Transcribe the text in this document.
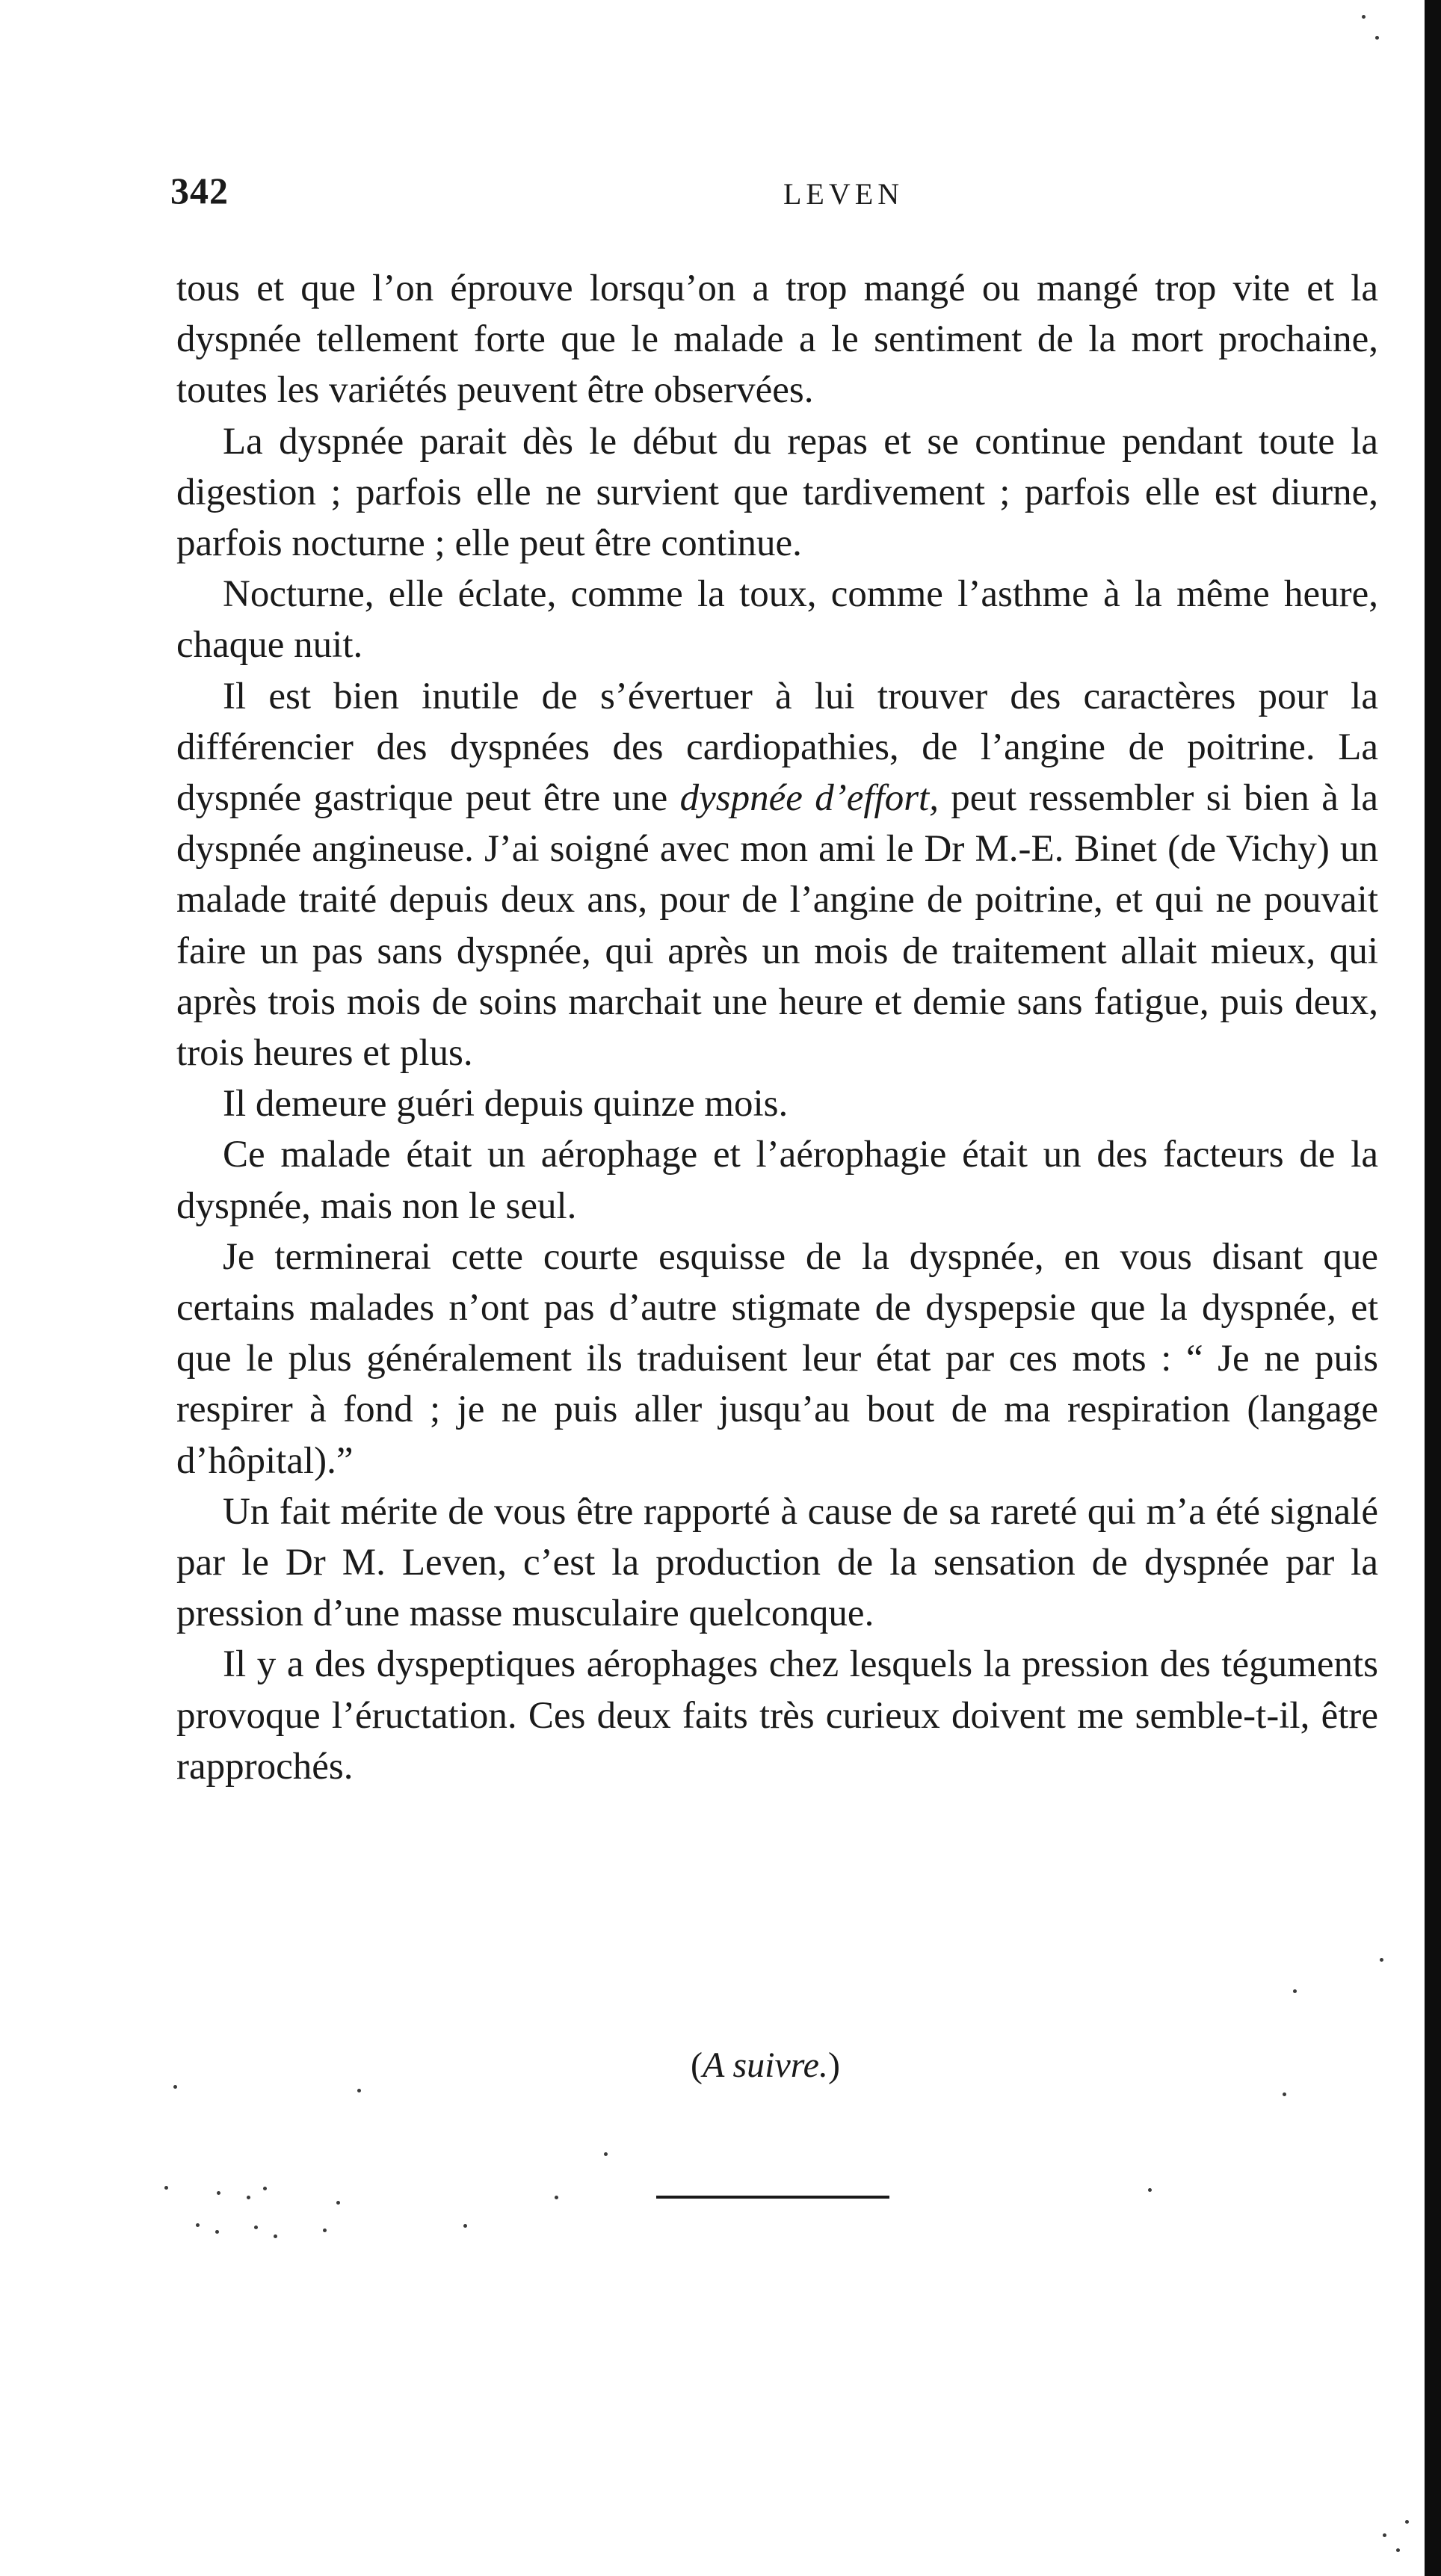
342	LEVEN

tous et que l’on éprouve lorsqu’on a trop mangé ou mangé trop vite et la dyspnée tellement forte que le malade a le sentiment de la mort prochaine, toutes les variétés peuvent être observées.

La dyspnée parait dès le début du repas et se continue pendant toute la digestion ; parfois elle ne survient que tardivement ; parfois elle est diurne, parfois nocturne ; elle peut être continue.

Nocturne, elle éclate, comme la toux, comme l’asthme à la même heure, chaque nuit.

Il est bien inutile de s’évertuer à lui trouver des caractères pour la différencier des dyspnées des cardiopathies, de l’angine de poitrine. La dyspnée gastrique peut être une dyspnée d’effort, peut ressembler si bien à la dyspnée angineuse. J’ai soigné avec mon ami le Dr M.-E. Binet (de Vichy) un malade traité depuis deux ans, pour de l’angine de poitrine, et qui ne pouvait faire un pas sans dyspnée, qui après un mois de traitement allait mieux, qui après trois mois de soins marchait une heure et demie sans fatigue, puis deux, trois heures et plus.

Il demeure guéri depuis quinze mois.

Ce malade était un aérophage et l’aérophagie était un des facteurs de la dyspnée, mais non le seul.

Je terminerai cette courte esquisse de la dyspnée, en vous disant que certains malades n’ont pas d’autre stigmate de dyspepsie que la dyspnée, et que le plus généralement ils traduisent leur état par ces mots : “ Je ne puis respirer à fond ; je ne puis aller jusqu’au bout de ma respiration (langage d’hôpital).”

Un fait mérite de vous être rapporté à cause de sa rareté qui m’a été signalé par le Dr M. Leven, c’est la production de la sensation de dyspnée par la pression d’une masse musculaire quelconque.

Il y a des dyspeptiques aérophages chez lesquels la pression des téguments provoque l’éructation. Ces deux faits très curieux doivent me semble-t-il, être rapprochés.

(A suivre.)
